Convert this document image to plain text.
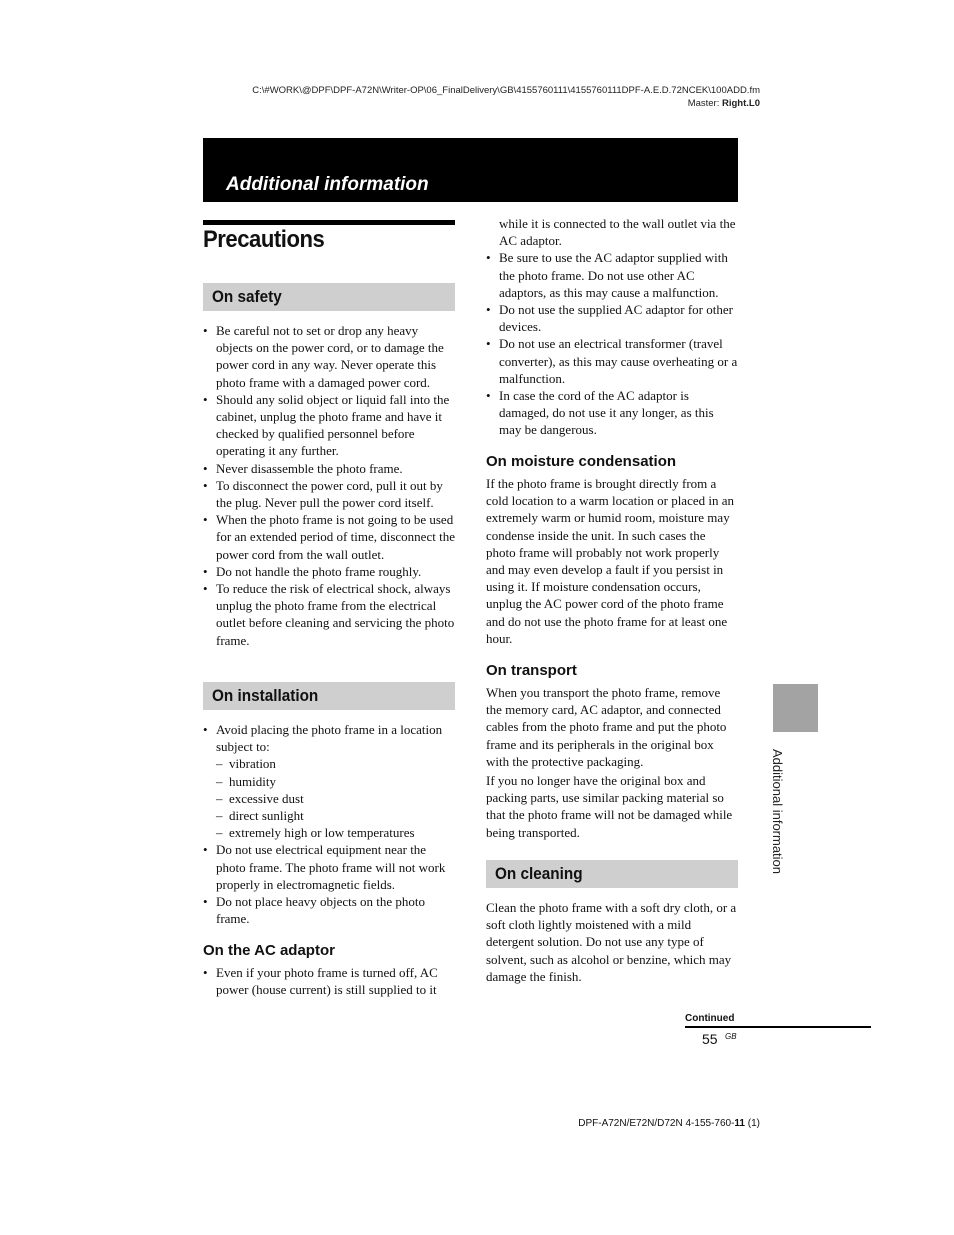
C:\#WORK\@DPF\DPF-A72N\Writer-OP\06_FinalDelivery\GB\4155760111\4155760111DPF-A.E.D.72NCEK\100ADD.fm
Master: Right.L0
Additional information
Precautions
On safety
• Be careful not to set or drop any heavy objects on the power cord, or to damage the power cord in any way. Never operate this photo frame with a damaged power cord.
• Should any solid object or liquid fall into the cabinet, unplug the photo frame and have it checked by qualified personnel before operating it any further.
• Never disassemble the photo frame.
• To disconnect the power cord, pull it out by the plug. Never pull the power cord itself.
• When the photo frame is not going to be used for an extended period of time, disconnect the power cord from the wall outlet.
• Do not handle the photo frame roughly.
• To reduce the risk of electrical shock, always unplug the photo frame from the electrical outlet before cleaning and servicing the photo frame.
On installation
• Avoid placing the photo frame in a location subject to:
– vibration
– humidity
– excessive dust
– direct sunlight
– extremely high or low temperatures
• Do not use electrical equipment near the photo frame. The photo frame will not work properly in electromagnetic fields.
• Do not place heavy objects on the photo frame.
On the AC adaptor
• Even if your photo frame is turned off, AC power (house current) is still supplied to it
while it is connected to the wall outlet via the AC adaptor.
• Be sure to use the AC adaptor supplied with the photo frame. Do not use other AC adaptors, as this may cause a malfunction.
• Do not use the supplied AC adaptor for other devices.
• Do not use an electrical transformer (travel converter), as this may cause overheating or a malfunction.
• In case the cord of the AC adaptor is damaged, do not use it any longer, as this may be dangerous.
On moisture condensation

If the photo frame is brought directly from a cold location to a warm location or placed in an extremely warm or humid room, moisture may condense inside the unit. In such cases the photo frame will probably not work properly and may even develop a fault if you persist in using it. If moisture condensation occurs, unplug the AC power cord of the photo frame and do not use the photo frame for at least one hour.

On transport

When you transport the photo frame, remove the memory card, AC adaptor, and connected cables from the photo frame and put the photo frame and its peripherals in the original box with the protective packaging.

If you no longer have the original box and packing parts, use similar packing material so that the photo frame will not be damaged while being transported.

On cleaning

Clean the photo frame with a soft dry cloth, or a soft cloth lightly moistened with a mild detergent solution. Do not use any type of solvent, such as alcohol or benzine, which may damage the finish.

Additional information
Continued
55 GB
DPF-A72N/E72N/D72N 4-155-760-11 (1)
